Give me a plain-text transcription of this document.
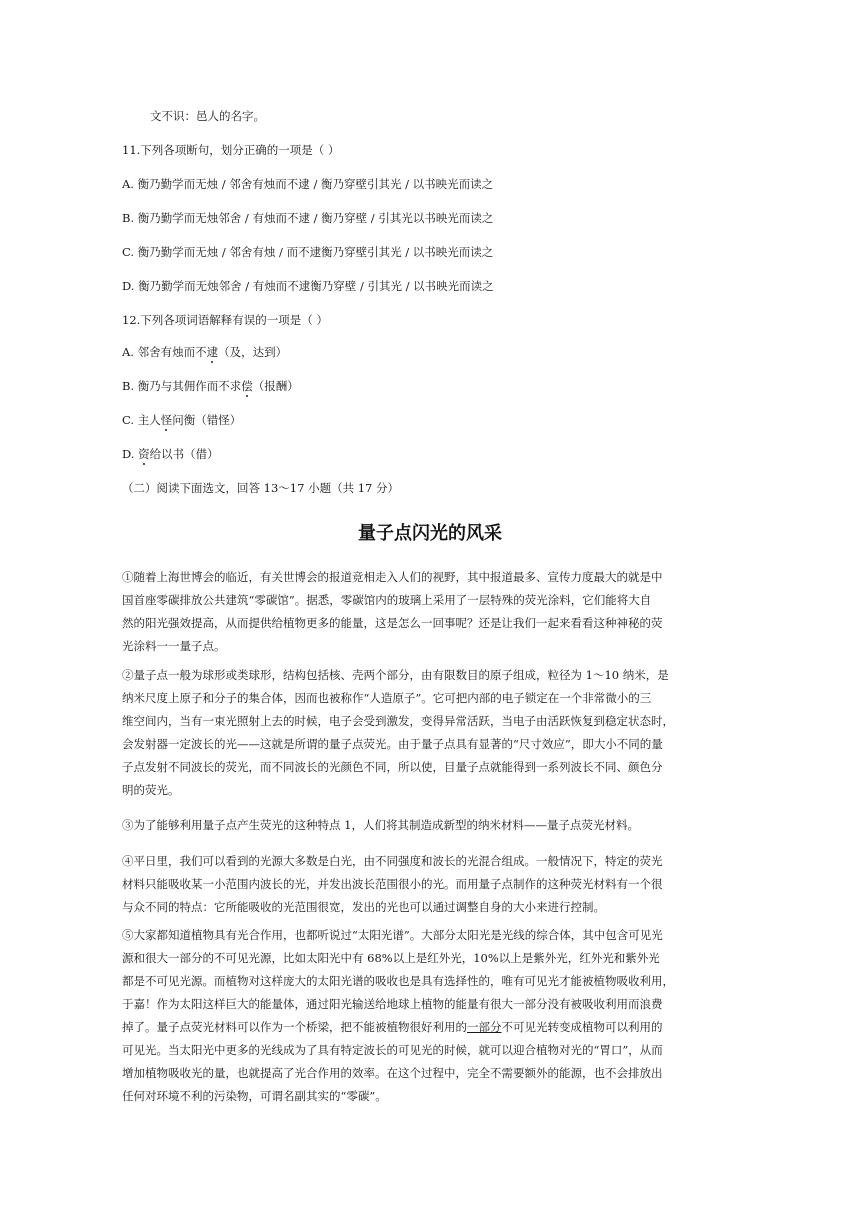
文不识：邑人的名字。
11.下列各项断句，划分正确的一项是（ ）
A. 衡乃勤学而无烛 / 邻舍有烛而不逮 / 衡乃穿壁引其光 / 以书映光而读之
B. 衡乃勤学而无烛邻舍 / 有烛而不逮 / 衡乃穿壁 / 引其光以书映光而读之
C. 衡乃勤学而无烛 / 邻舍有烛 / 而不逮衡乃穿壁引其光 / 以书映光而读之
D. 衡乃勤学而无烛邻舍 / 有烛而不逮衡乃穿壁 / 引其光 / 以书映光而读之
12.下列各项词语解释有误的一项是（ ）
A. 邻舍有烛而不逮（及，达到）
B. 衡乃与其佣作而不求偿（报酬）
C. 主人怪问衡（错怪）
D. 资给以书（借）
（二）阅读下面选文，回答 13～17 小题（共 17 分）
量子点闪光的风采
①随着上海世博会的临近，有关世博会的报道竞相走入人们的视野，其中报道最多、宣传力度最大的就是中
国首座零碳排放公共建筑“零碳馆”。据悉，零碳馆内的玻璃上采用了一层特殊的荧光涂料，它们能将大自
然的阳光强效提高，从而提供给植物更多的能量，这是怎么一回事呢？还是让我们一起来看看这种神秘的荧
光涂料一一量子点。
②量子点一般为球形或类球形，结构包括核、壳两个部分，由有限数目的原子组成，粒径为 1～10 纳米，是
纳米尺度上原子和分子的集合体，因而也被称作“人造原子”。它可把内部的电子锁定在一个非常微小的三
维空间内，当有一束光照射上去的时候，电子会受到激发，变得异常活跃，当电子由活跃恢复到稳定状态时，
会发射器一定波长的光——这就是所谓的量子点荧光。由于量子点具有显著的“尺寸效应”，即大小不同的量
子点发射不同波长的荧光，而不同波长的光颜色不同，所以使，目量子点就能得到一系列波长不同、颜色分
明的荧光。
③为了能够利用量子点产生荧光的这种特点 1，人们将其制造成新型的纳米材料——量子点荧光材料。
④平日里，我们可以看到的光源大多数是白光，由不同强度和波长的光混合组成。一般情况下，特定的荧光
材料只能吸收某一小范围内波长的光，并发出波长范围很小的光。而用量子点制作的这种荧光材料有一个很
与众不同的特点：它所能吸收的光范围很宽，发出的光也可以通过调整自身的大小来进行控制。
⑤大家都知道植物具有光合作用，也都听说过“太阳光谱”。大部分太阳光是光线的综合体，其中包含可见光
源和很大一部分的不可见光源，比如太阳光中有 68%以上是红外光，10%以上是紫外光，红外光和紫外光
都是不可见光源。而植物对这样庞大的太阳光谱的吸收也是具有选择性的，唯有可见光才能被植物吸收利用，
于嘉！作为太阳这样巨大的能量体，通过阳光输送给地球上植物的能量有很大一部分没有被吸收利用而浪费
掉了。量子点荧光材料可以作为一个桥梁，把不能被植物很好利用的一部分不可见光转变成植物可以利用的
可见光。当太阳光中更多的光线成为了具有特定波长的可见光的时候，就可以迎合植物对光的“胃口”，从而
增加植物吸收光的量，也就提高了光合作用的效率。在这个过程中，完全不需要额外的能源，也不会排放出
任何对环境不利的污染物，可谓名副其实的“零碳”。
